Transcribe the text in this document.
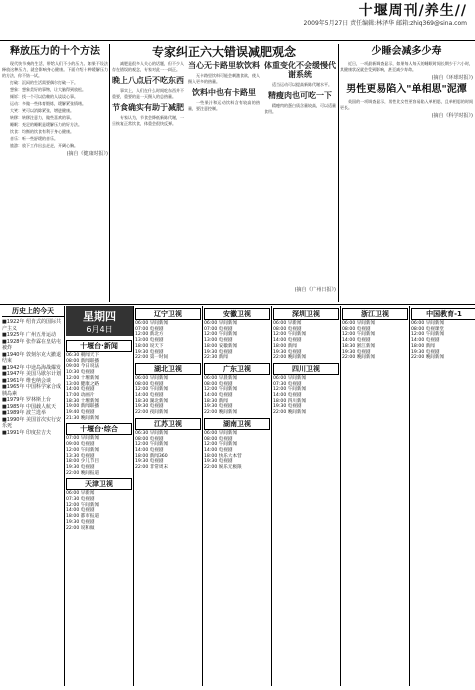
十堰周刊/养生//
2009年5月27日 责任编辑:林泽华 邮箱:zhiq369@sina.com
释放压力的十个方法

现代快节奏的生活，带给人们不小的压力。如果不设法释放这种压力，就会影响身心健康。下面介绍十种缓解压力的方法，你不妨一试。

打破：沉闷的生活需要偶尔打破一下。

想象：想象美好的事物，让大脑得到放松。

倾诉：找一个可以信赖的人谈谈心事。

运动：多做一些体育锻炼，缓解紧张情绪。

大笑：笑可以消除紧张，增进健康。

转移：转移注意力，做些喜欢的事。

睡眠：充足的睡眠是缓解压力的好方法。

饮食：均衡的饮食有利于身心健康。

音乐：听一些舒缓的音乐。

旅游：放下工作出去走走，开阔心胸。

(摘自《健康时报》)
专家纠正六大错误减肥观念

减肥是很多人关心的话题，但不少人存在错误的观念，专家对此一一纠正。

晚上八点后不吃东西

事实上，人们在什么时间吃东西并不重要，重要的是一天摄入的总热量。

节食确实有助于减肥

专家认为，节食会降低新陈代谢，一旦恢复正常饮食，体重会很快反弹。

当心无卡路里软饮料

无卡路里饮料可能会刺激食欲，使人摄入更多的热量。

饮料中也有卡路里

一些果汁和运动饮料含有较高的热量，要注意控制。

体重变化不会缓慢代谢系统

适当运动可以提高新陈代谢水平。

精瘦肉也可吃一下

精瘦肉的蛋白质含量较高，可以适量食用。

(摘自《广州日报》)
少睡会减多少寿

近日，一项最新调查显示，如果每人每天的睡眠时间长期少于六小时，其健康状况就会受到影响，甚至减少寿命。

(摘自《环球时报》)
男性更易陷入"单相思"泥潭

英国的一项调查显示，男性比女性更容易陷入单相思，且单相思的时间更长。

(摘自《科学时报》)
历史上的今天
■1922年 绍肯式的国际共产主义
■1925年 广州五卅运动
■1928年 张作霖在皇姑屯被炸
■1940年 敦刻尔克大撤退结束
■1942年 中途岛海战爆发
■1947年 美国马歇尔计划
■1961年 维也纳会谈
■1965年 中国科学家合成胰岛素
■1979年 罗林斯上台
■1985年 中国载人航天
■1989年 波兰选举
■1990年 美国首次实行安乐死
■1991年 印度拉吉夫
星期四
6月4日
十堰台·新闻
06:30 朝闻天下
08:00 新闻联播
09:00 今日说法
10:30 电视剧
12:00 十堰新闻
13:00 健康之路
14:00 电视剧
17:00 动画片
18:30 十堰新闻
19:00 新闻联播
19:40 电视剧
21:30 晚间新闻
十堰台·综合
07:00 早间新闻
09:00 电视剧
12:00 午间新闻
13:30 电视剧
18:00 少儿节目
19:30 电视剧
22:00 晚间报道
天津卫视
06:00 早新闻
07:30 电视剧
12:00 午间新闻
14:00 电视剧
18:00 都市报道
19:30 电视剧
22:00 说和做
辽宁卫视
06:00 早间新闻
07:00 电视剧
12:00 新北方
13:00 电视剧
18:00 说天下
19:30 电视剧
22:00 第一时间
湖北卫视
06:00 早间新闻
08:00 电视剧
12:00 午间新闻
14:00 电视剧
18:30 湖北新闻
19:30 电视剧
22:00 夜间新闻
江苏卫视
06:30 早间新闻
08:00 电视剧
12:00 午间新闻
14:00 电视剧
18:00 新闻360
19:30 电视剧
22:00 非常周末
安徽卫视
06:00 早间新闻
07:00 电视剧
12:00 午间新闻
13:00 电视剧
18:00 安徽新闻
19:30 电视剧
22:30 新闻
广东卫视
06:00 早晨新闻
08:00 电视剧
12:00 午间新闻
14:00 电视剧
18:30 新闻
19:30 电视剧
22:00 晚间新闻
湖南卫视
06:00 早间新闻
08:00 电视剧
12:00 午间新闻
14:00 电视剧
18:00 快乐大本营
19:30 电视剧
22:00 娱乐无极限
深圳卫视
06:00 早新闻
08:00 电视剧
12:00 午间新闻
14:00 电视剧
18:00 新闻
19:30 电视剧
22:00 晚间新闻
四川卫视
06:00 早间新闻
07:30 电视剧
12:00 午间新闻
14:00 电视剧
18:00 四川新闻
19:30 电视剧
22:00 晚间新闻
浙江卫视
06:00 早间新闻
08:00 电视剧
12:00 午间新闻
14:00 电视剧
18:30 浙江新闻
19:30 电视剧
22:00 晚间新闻
中国教育-1
06:00 早间新闻
08:00 电视课堂
12:00 午间新闻
14:00 电视剧
18:00 新闻
19:30 电视剧
22:00 晚间新闻
